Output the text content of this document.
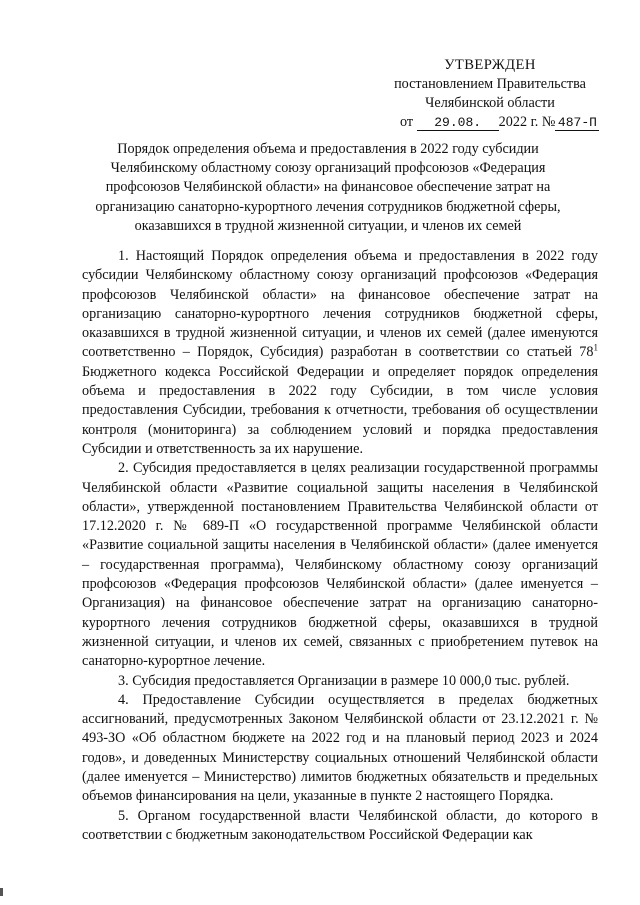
УТВЕРЖДЕН
постановлением Правительства
Челябинской области
от 29.08. 2022 г. № 487-П
Порядок определения объема и предоставления в 2022 году субсидии Челябинскому областному союзу организаций профсоюзов «Федерация профсоюзов Челябинской области» на финансовое обеспечение затрат на организацию санаторно-курортного лечения сотрудников бюджетной сферы, оказавшихся в трудной жизненной ситуации, и членов их семей

1. Настоящий Порядок определения объема и предоставления в 2022 году субсидии Челябинскому областному союзу организаций профсоюзов «Федерация профсоюзов Челябинской области» на финансовое обеспечение затрат на организацию санаторно-курортного лечения сотрудников бюджетной сферы, оказавшихся в трудной жизненной ситуации, и членов их семей (далее именуются соответственно – Порядок, Субсидия) разработан в соответствии со статьей $78^1$ Бюджетного кодекса Российской Федерации и определяет порядок определения объема и предоставления в 2022 году Субсидии, в том числе условия предоставления Субсидии, требования к отчетности, требования об осуществлении контроля (мониторинга) за соблюдением условий и порядка предоставления Субсидии и ответственность за их нарушение.

2. Субсидия предоставляется в целях реализации государственной программы Челябинской области «Развитие социальной защиты населения в Челябинской области», утвержденной постановлением Правительства Челябинской области от 17.12.2020 г. № 689-П «О государственной программе Челябинской области «Развитие социальной защиты населения в Челябинской области» (далее именуется – государственная программа), Челябинскому областному союзу организаций профсоюзов «Федерация профсоюзов Челябинской области» (далее именуется – Организация) на финансовое обеспечение затрат на организацию санаторно-курортного лечения сотрудников бюджетной сферы, оказавшихся в трудной жизненной ситуации, и членов их семей, связанных с приобретением путевок на санаторно-курортное лечение.

3. Субсидия предоставляется Организации в размере 10 000,0 тыс. рублей.

4. Предоставление Субсидии осуществляется в пределах бюджетных ассигнований, предусмотренных Законом Челябинской области от 23.12.2021 г. № 493-ЗО «Об областном бюджете на 2022 год и на плановый период 2023 и 2024 годов», и доведенных Министерству социальных отношений Челябинской области (далее именуется – Министерство) лимитов бюджетных обязательств и предельных объемов финансирования на цели, указанные в пункте 2 настоящего Порядка.

5. Органом государственной власти Челябинской области, до которого в соответствии с бюджетным законодательством Российской Федерации как
